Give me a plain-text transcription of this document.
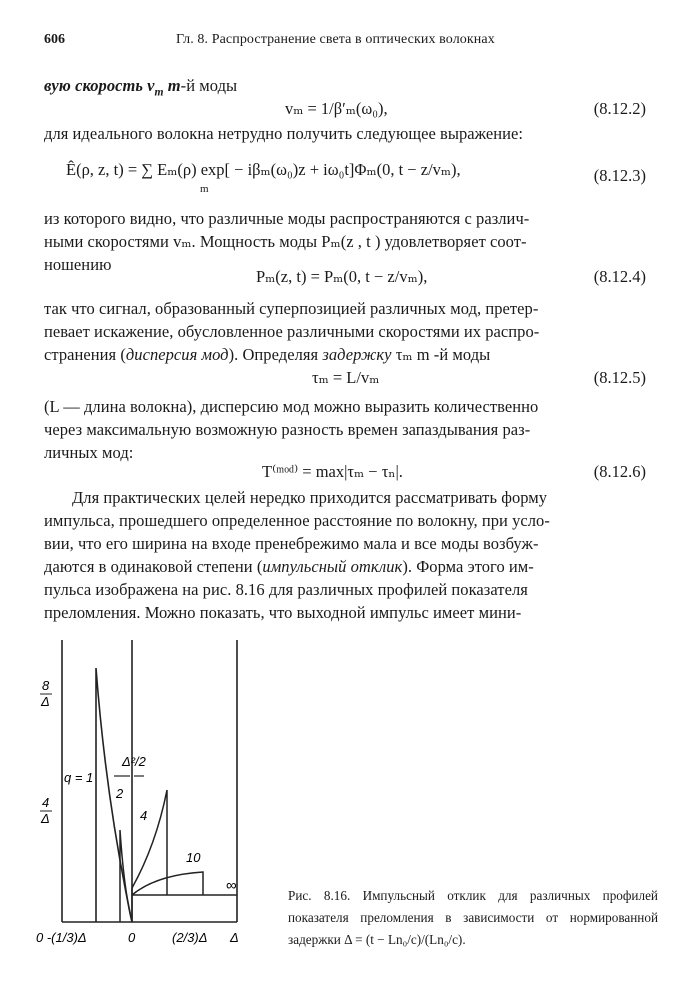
606	Гл. 8. Распространение света в оптических волокнах
вую скорость $v_m$ m-й моды
vₘ = 1/β′ₘ(ω₀),	(8.12.2)
для идеального волокна нетрудно получить следующее выражение:
Ê(ρ, z, t) = ∑ Eₘ(ρ) exp[ − iβₘ(ω₀)z + iω₀t]Φₘ(0, t − z/vₘ),
m
(8.12.3)
из которого видно, что различные моды распространяются с различ-
ными скоростями vₘ. Мощность моды Pₘ(z , t ) удовлетворяет соот-
ношению
Pₘ(z, t) = Pₘ(0, t − z/vₘ),	(8.12.4)
так что сигнал, образованный суперпозицией различных мод, претер-
певает искажение, обусловленное различными скоростями их распро-
странения (дисперсия мод). Определяя задержку τₘ m -й моды
τₘ = L/vₘ	(8.12.5)
(L — длина волокна), дисперсию мод можно выразить количественно
через максимальную возможную разность времен запаздывания раз-
личных мод:
T⁽ᵐᵒᵈ⁾ = max|τₘ − τₙ|.	(8.12.6)
Для практических целей нередко приходится рассматривать форму
импульса, прошедшего определенное расстояние по волокну, при усло-
вии, что его ширина на входе пренебрежимо мала и все моды возбуж-
даются в одинаковой степени (импульсный отклик). Форма этого им-
пульса изображена на рис. 8.16 для различных профилей показателя
преломления. Можно показать, что выходной импульс имеет мини-
8
Δ
4
Δ
q = 1
2
4
10
∞
Δ²/2
0 -(1/3)Δ	0	(2/3)Δ Δ
Рис. 8.16. Импульсный отклик для различных профилей показателя преломления в зависимости от нормированной задержки Δ = (t − Ln₀/c)/(Ln₀/c).
